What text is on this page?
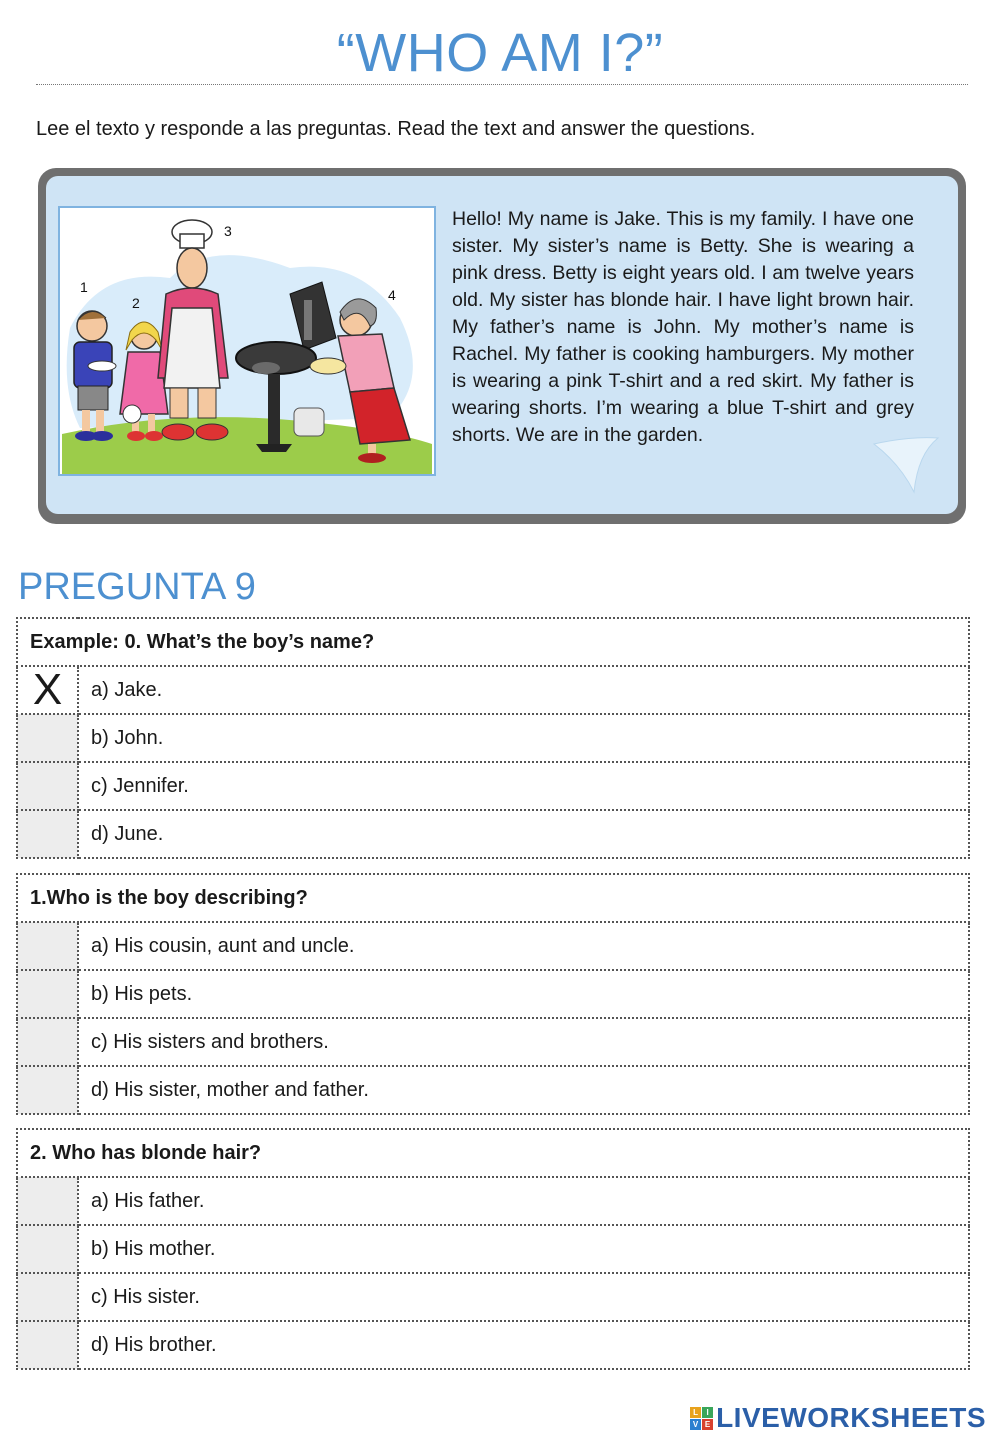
“WHO AM I?”
Lee el texto y responde a las preguntas. Read the text and answer the questions.
1
2
3
4
Hello! My name is Jake. This is my family. I have one sister. My sister’s name is Betty. She is wearing a pink dress. Betty is eight years old. I am twelve years old. My sister has blonde hair. I have light brown hair. My father’s name is John. My mother’s name is Rachel. My father is cooking hamburgers. My mother is wearing a pink T-shirt and a red skirt. My father is wearing shorts. I’m wearing a blue T-shirt and grey shorts. We are in the garden.
PREGUNTA 9
Example: 0. What’s the boy’s name?	
X	a) Jake.
	b) John.
	c) Jennifer.
	d) June.
1.Who is the boy describing?	
	a) His cousin, aunt and uncle.
	b) His pets.
	c) His sisters and brothers.
	d) His sister, mother and father.
2. Who has blonde hair?	
	a) His father.
	b) His mother.
	c) His sister.
	d) His brother.
L	I
V E LIVEWORKSHEETS
